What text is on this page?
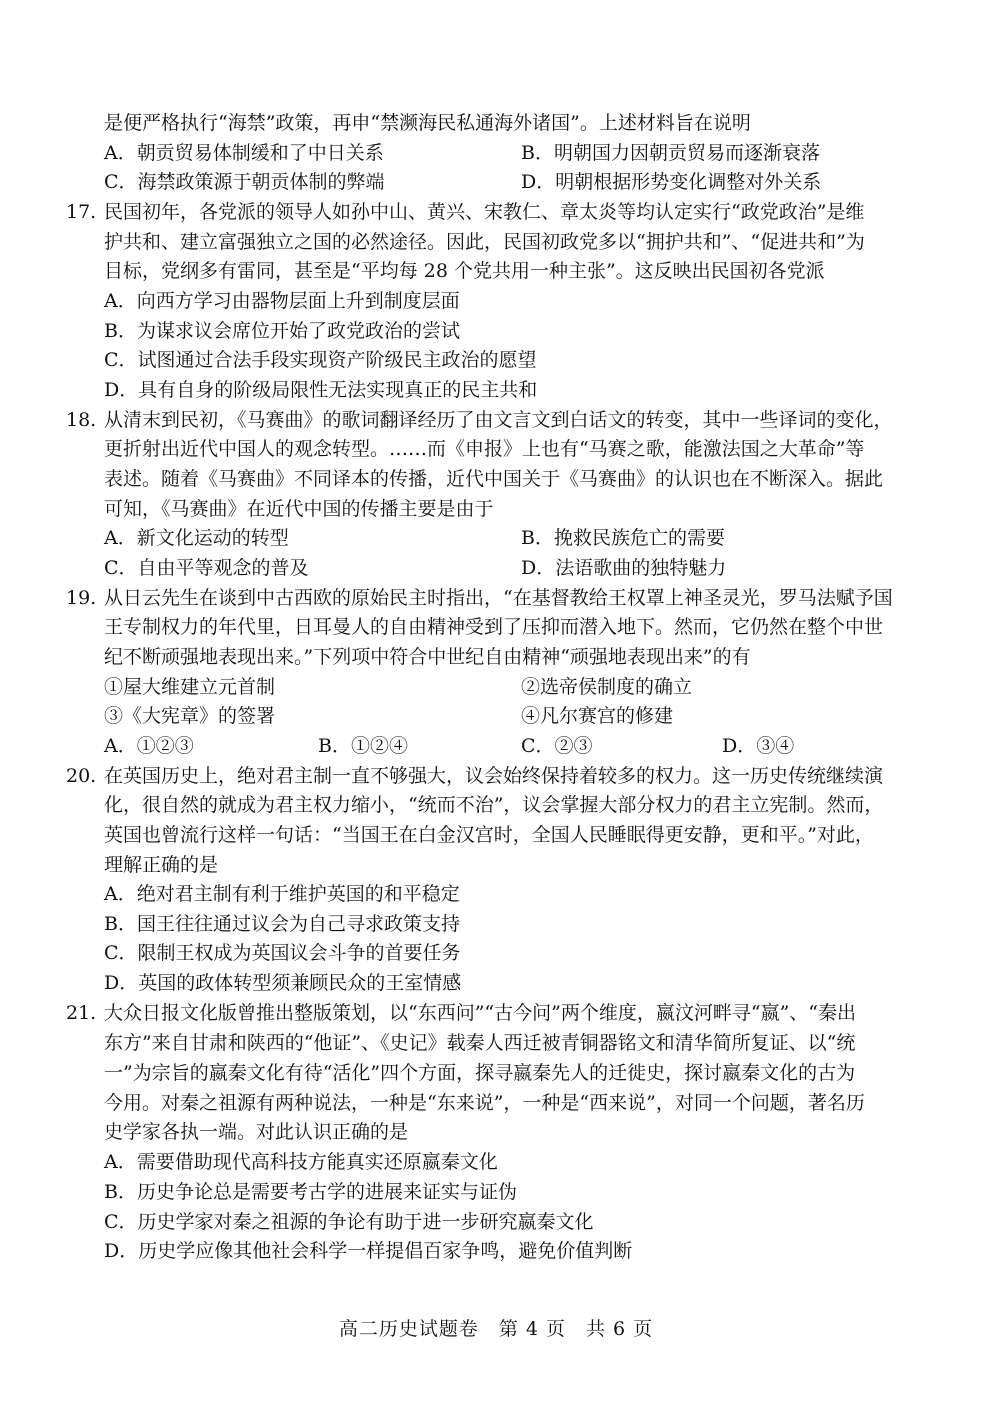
是便严格执行“海禁”政策，再申“禁濒海民私通海外诸国”。上述材料旨在说明
A．朝贡贸易体制缓和了中日关系	B．明朝国力因朝贡贸易而逐渐衰落
C．海禁政策源于朝贡体制的弊端	D．明朝根据形势变化调整对外关系
17. 民国初年，各党派的领导人如孙中山、黄兴、宋教仁、章太炎等均认定实行“政党政治”是维
护共和、建立富强独立之国的必然途径。因此，民国初政党多以“拥护共和”、“促进共和”为
目标，党纲多有雷同，甚至是“平均每 28 个党共用一种主张”。这反映出民国初各党派
A．向西方学习由器物层面上升到制度层面
B．为谋求议会席位开始了政党政治的尝试
C．试图通过合法手段实现资产阶级民主政治的愿望
D．具有自身的阶级局限性无法实现真正的民主共和
18. 从清末到民初，《马赛曲》的歌词翻译经历了由文言文到白话文的转变，其中一些译词的变化，
更折射出近代中国人的观念转型。……而《申报》上也有“马赛之歌，能激法国之大革命”等
表述。随着《马赛曲》不同译本的传播，近代中国关于《马赛曲》的认识也在不断深入。据此
可知，《马赛曲》在近代中国的传播主要是由于
A．新文化运动的转型	B．挽救民族危亡的需要
C．自由平等观念的普及	D．法语歌曲的独特魅力
19. 从日云先生在谈到中古西欧的原始民主时指出，“在基督教给王权罩上神圣灵光，罗马法赋予国
王专制权力的年代里，日耳曼人的自由精神受到了压抑而潜入地下。然而，它仍然在整个中世
纪不断顽强地表现出来。”下列项中符合中世纪自由精神“顽强地表现出来”的有
①屋大维建立元首制	②选帝侯制度的确立
③《大宪章》的签署	④凡尔赛宫的修建
A．①②③	B．①②④	C．②③	D．③④
20. 在英国历史上，绝对君主制一直不够强大，议会始终保持着较多的权力。这一历史传统继续演
化，很自然的就成为君主权力缩小，“统而不治”，议会掌握大部分权力的君主立宪制。然而，
英国也曾流行这样一句话：“当国王在白金汉宫时，全国人民睡眠得更安静，更和平。”对此，
理解正确的是
A．绝对君主制有利于维护英国的和平稳定
B．国王往往通过议会为自己寻求政策支持
C．限制王权成为英国议会斗争的首要任务
D．英国的政体转型须兼顾民众的王室情感
21. 大众日报文化版曾推出整版策划，以“东西问”“古今问”两个维度，嬴汶河畔寻“嬴”、“秦出
东方”来自甘肃和陕西的“他证”、《史记》载秦人西迁被青铜器铭文和清华简所复证、以“统
一”为宗旨的嬴秦文化有待“活化”四个方面，探寻嬴秦先人的迁徙史，探讨嬴秦文化的古为
今用。对秦之祖源有两种说法，一种是“东来说”，一种是“西来说”，对同一个问题，著名历
史学家各执一端。对此认识正确的是
A．需要借助现代高科技方能真实还原嬴秦文化
B．历史争论总是需要考古学的进展来证实与证伪
C．历史学家对秦之祖源的争论有助于进一步研究嬴秦文化
D．历史学应像其他社会科学一样提倡百家争鸣，避免价值判断
高二历史试题卷　第 4 页　共 6 页
